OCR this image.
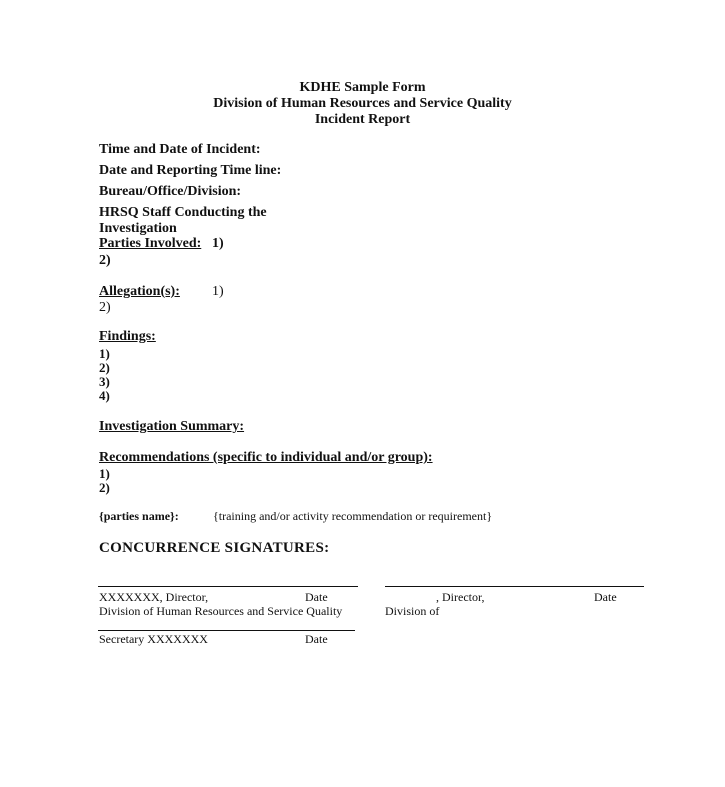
KDHE Sample Form
Division of Human Resources and Service Quality
Incident Report
Time and Date of Incident:
Date and Reporting Time line:
Bureau/Office/Division:
HRSQ Staff Conducting the
Investigation
Parties Involved: 1)
2)
Allegation(s): 1)
2)
Findings:
1)
2)
3)
4)
Investigation Summary:
Recommendations (specific to individual and/or group):
1)
2)
{parties name}:	{training and/or activity recommendation or requirement}
CONCURRENCE SIGNATURES:
XXXXXXX, Director,	Date
Division of Human Resources and Service Quality
, Director,	Date
Division of
Secretary XXXXXXX	Date
